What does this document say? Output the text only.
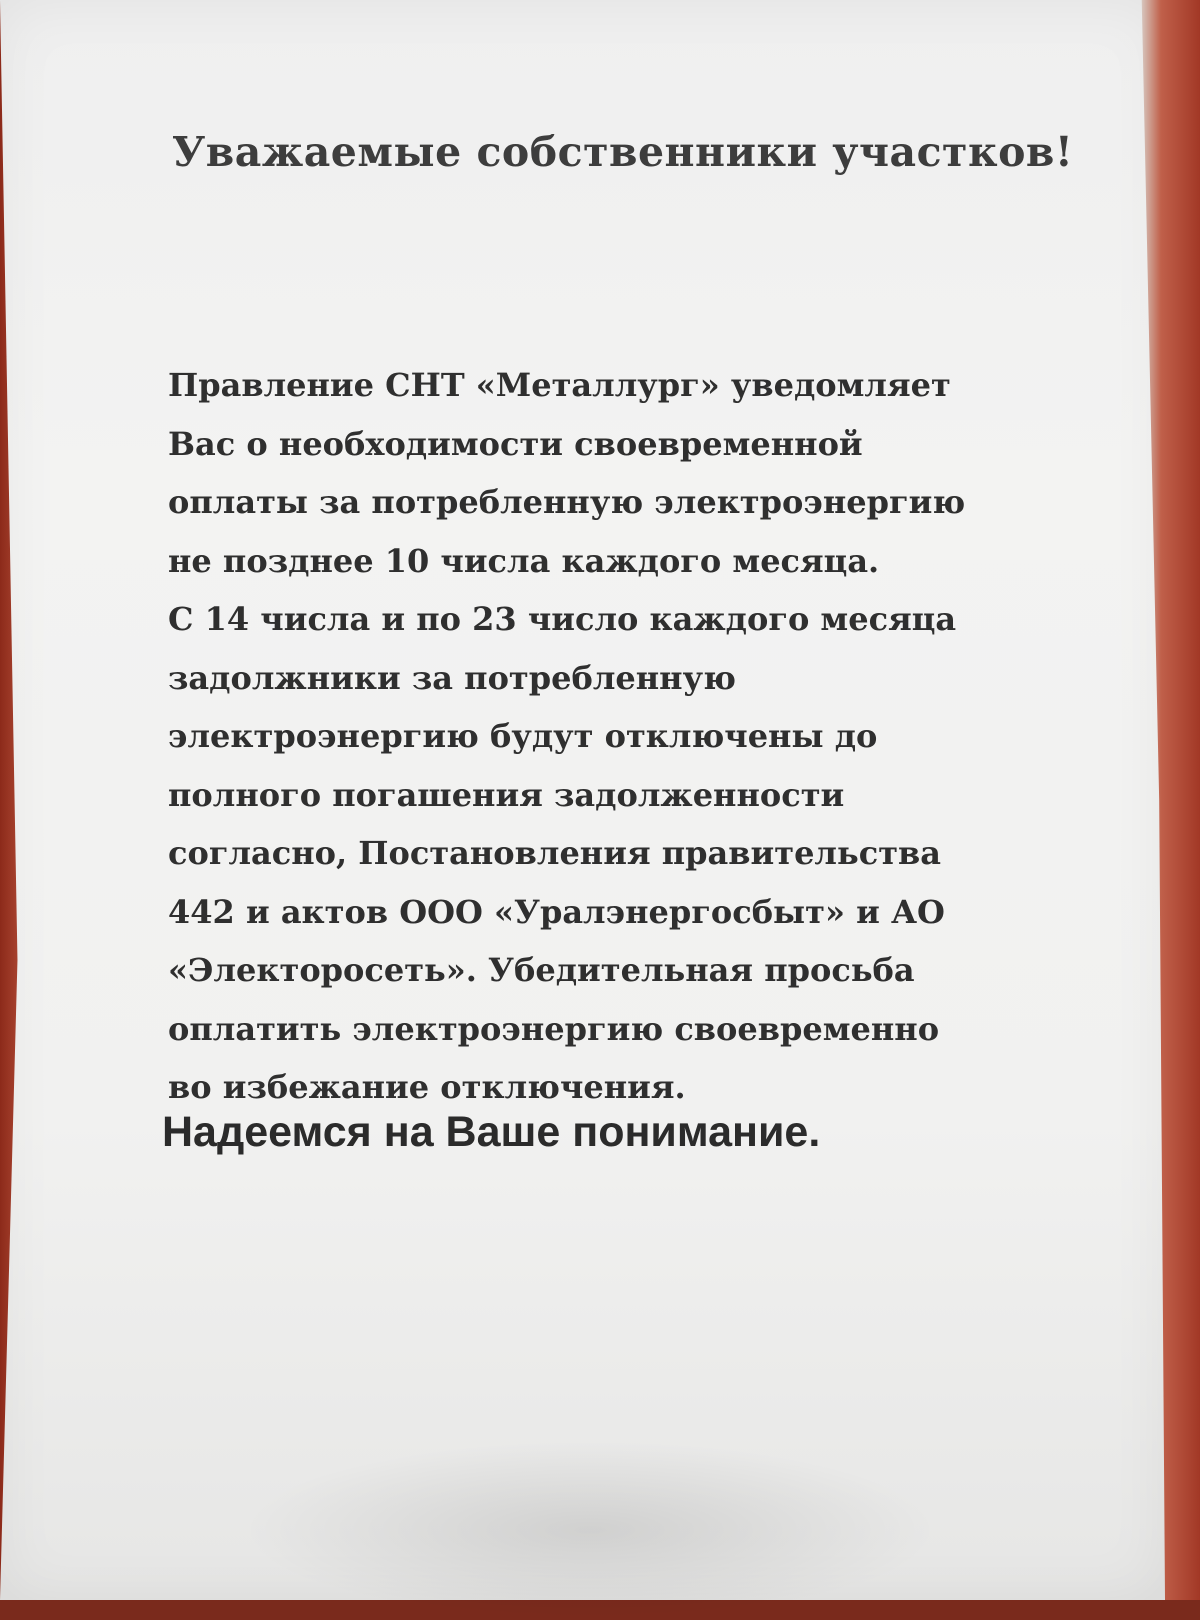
Уважаемые собственники участков!
Правление СНТ «Металлург» уведомляет
Вас о необходимости своевременной
оплаты за потребленную электроэнергию
не позднее 10 числа каждого месяца.
С 14 числа и по 23 число каждого месяца
задолжники за потребленную
электроэнергию будут отключены до
полного погашения задолженности
согласно, Постановления правительства
442 и актов ООО «Уралэнергосбыт» и АО
«Электоросеть». Убедительная просьба
оплатить электроэнергию своевременно
во избежание отключения.

Надеемся на Ваше понимание.
